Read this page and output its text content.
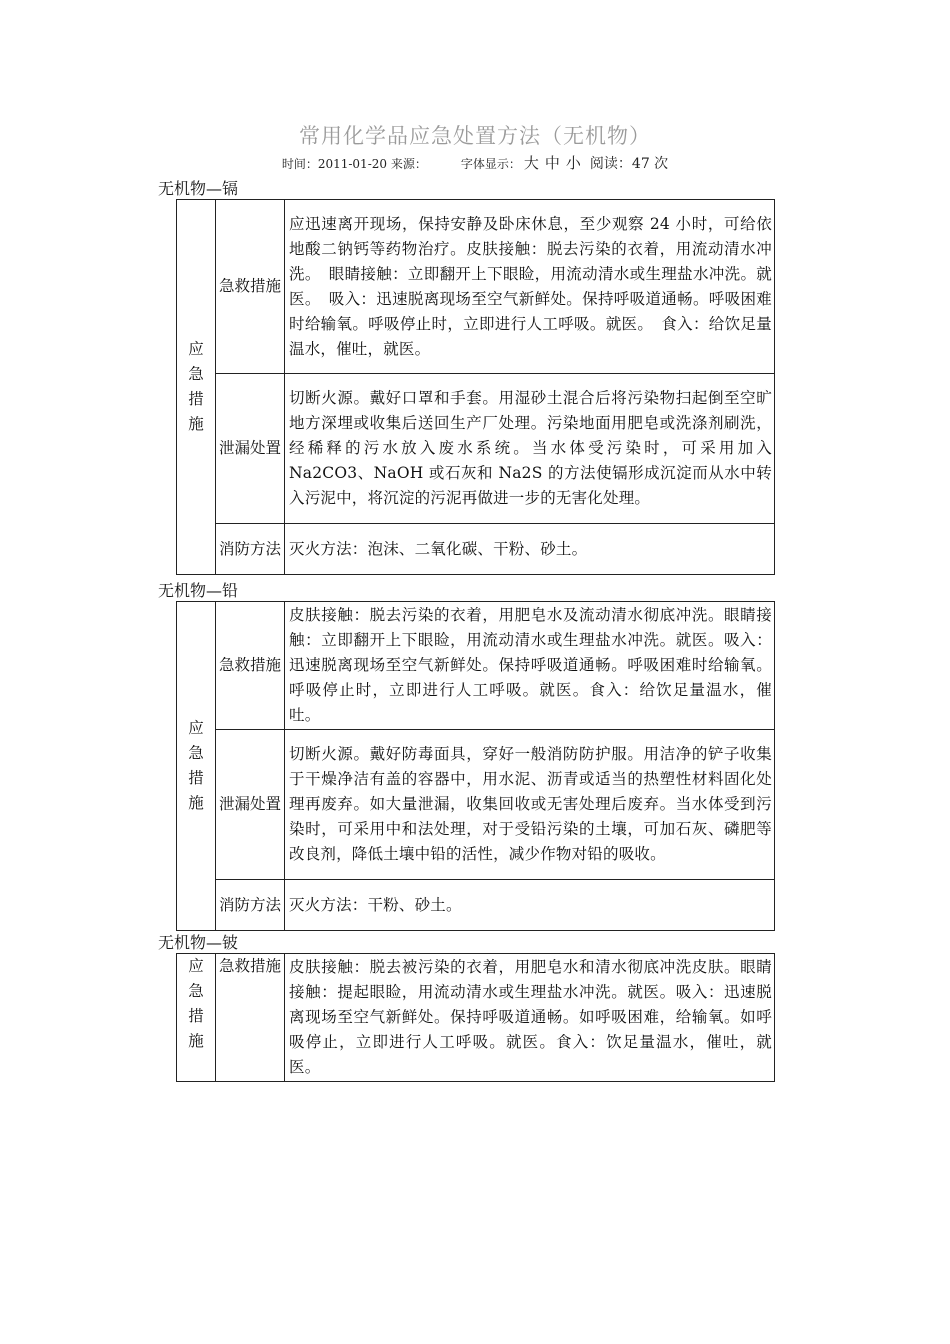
常用化学品应急处置方法（无机物）
时间：2011-01-20 来源：	字体显示： 大 中 小 阅读：47 次
无机物—镉
应
急
措
施	急救措施	应迅速离开现场，保持安静及卧床休息，至少观察 24 小时，可给依地酸二钠钙等药物治疗。皮肤接触：脱去污染的衣着，用流动清水冲洗。　眼睛接触：立即翻开上下眼睑，用流动清水或生理盐水冲洗。就医。　吸入：迅速脱离现场至空气新鲜处。保持呼吸道通畅。呼吸困难时给输氧。呼吸停止时，立即进行人工呼吸。就医。　食入：给饮足量温水，催吐，就医。
	泄漏处置	切断火源。戴好口罩和手套。用湿砂土混合后将污染物扫起倒至空旷地方深埋或收集后送回生产厂处理。污染地面用肥皂或洗涤剂刷洗，经稀释的污水放入废水系统。当水体受污染时，可采用加入 Na2CO3、NaOH 或石灰和 Na2S 的方法使镉形成沉淀而从水中转入污泥中，将沉淀的污泥再做进一步的无害化处理。
	消防方法	灭火方法：泡沫、二氧化碳、干粉、砂土。
无机物—铅
应
急
措
施	急救措施	皮肤接触：脱去污染的衣着，用肥皂水及流动清水彻底冲洗。眼睛接触：立即翻开上下眼睑，用流动清水或生理盐水冲洗。就医。吸入：迅速脱离现场至空气新鲜处。保持呼吸道通畅。呼吸困难时给输氧。呼吸停止时，立即进行人工呼吸。就医。食入：给饮足量温水，催吐。
	泄漏处置	切断火源。戴好防毒面具，穿好一般消防防护服。用洁净的铲子收集于干燥净洁有盖的容器中，用水泥、沥青或适当的热塑性材料固化处理再废弃。如大量泄漏，收集回收或无害处理后废弃。当水体受到污染时，可采用中和法处理，对于受铅污染的土壤，可加石灰、磷肥等改良剂，降低土壤中铅的活性，减少作物对铅的吸收。
	消防方法	灭火方法：干粉、砂土。
无机物—铍
应
急
措
施
	急救措施	皮肤接触：脱去被污染的衣着，用肥皂水和清水彻底冲洗皮肤。眼睛接触：提起眼睑，用流动清水或生理盐水冲洗。就医。吸入：迅速脱离现场至空气新鲜处。保持呼吸道通畅。如呼吸困难，给输氧。如呼吸停止，立即进行人工呼吸。就医。食入：饮足量温水，催吐，就医。
